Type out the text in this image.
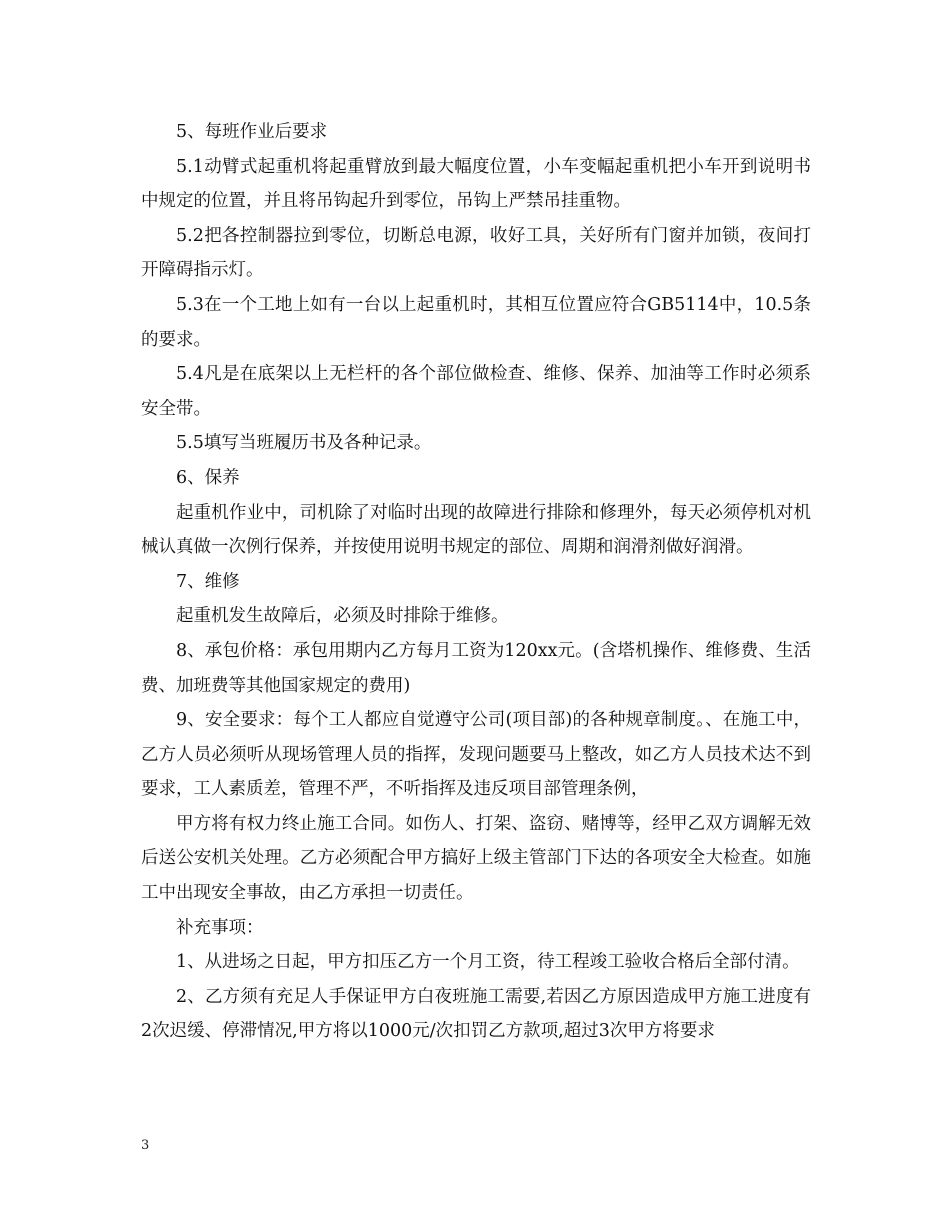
5、每班作业后要求

5.1动臂式起重机将起重臂放到最大幅度位置，小车变幅起重机把小车开到说明书中规定的位置，并且将吊钩起升到零位，吊钩上严禁吊挂重物。

5.2把各控制器拉到零位，切断总电源，收好工具，关好所有门窗并加锁，夜间打开障碍指示灯。

5.3在一个工地上如有一台以上起重机时，其相互位置应符合GB5114中，10.5条的要求。

5.4凡是在底架以上无栏杆的各个部位做检查、维修、保养、加油等工作时必须系安全带。

5.5填写当班履历书及各种记录。

6、保养

起重机作业中，司机除了对临时出现的故障进行排除和修理外，每天必须停机对机械认真做一次例行保养，并按使用说明书规定的部位、周期和润滑剂做好润滑。

7、维修

起重机发生故障后，必须及时排除于维修。

8、承包价格：承包用期内乙方每月工资为120xx元。(含塔机操作、维修费、生活费、加班费等其他国家规定的费用)

9、安全要求：每个工人都应自觉遵守公司(项目部)的各种规章制度。、在施工中，乙方人员必须听从现场管理人员的指挥，发现问题要马上整改，如乙方人员技术达不到要求，工人素质差，管理不严，不听指挥及违反项目部管理条例，

甲方将有权力终止施工合同。如伤人、打架、盗窃、赌博等，经甲乙双方调解无效后送公安机关处理。乙方必须配合甲方搞好上级主管部门下达的各项安全大检查。如施工中出现安全事故，由乙方承担一切责任。

补充事项：

1、从进场之日起，甲方扣压乙方一个月工资，待工程竣工验收合格后全部付清。

2、乙方须有充足人手保证甲方白夜班施工需要,若因乙方原因造成甲方施工进度有2次迟缓、停滞情况,甲方将以1000元/次扣罚乙方款项,超过3次甲方将要求

3
